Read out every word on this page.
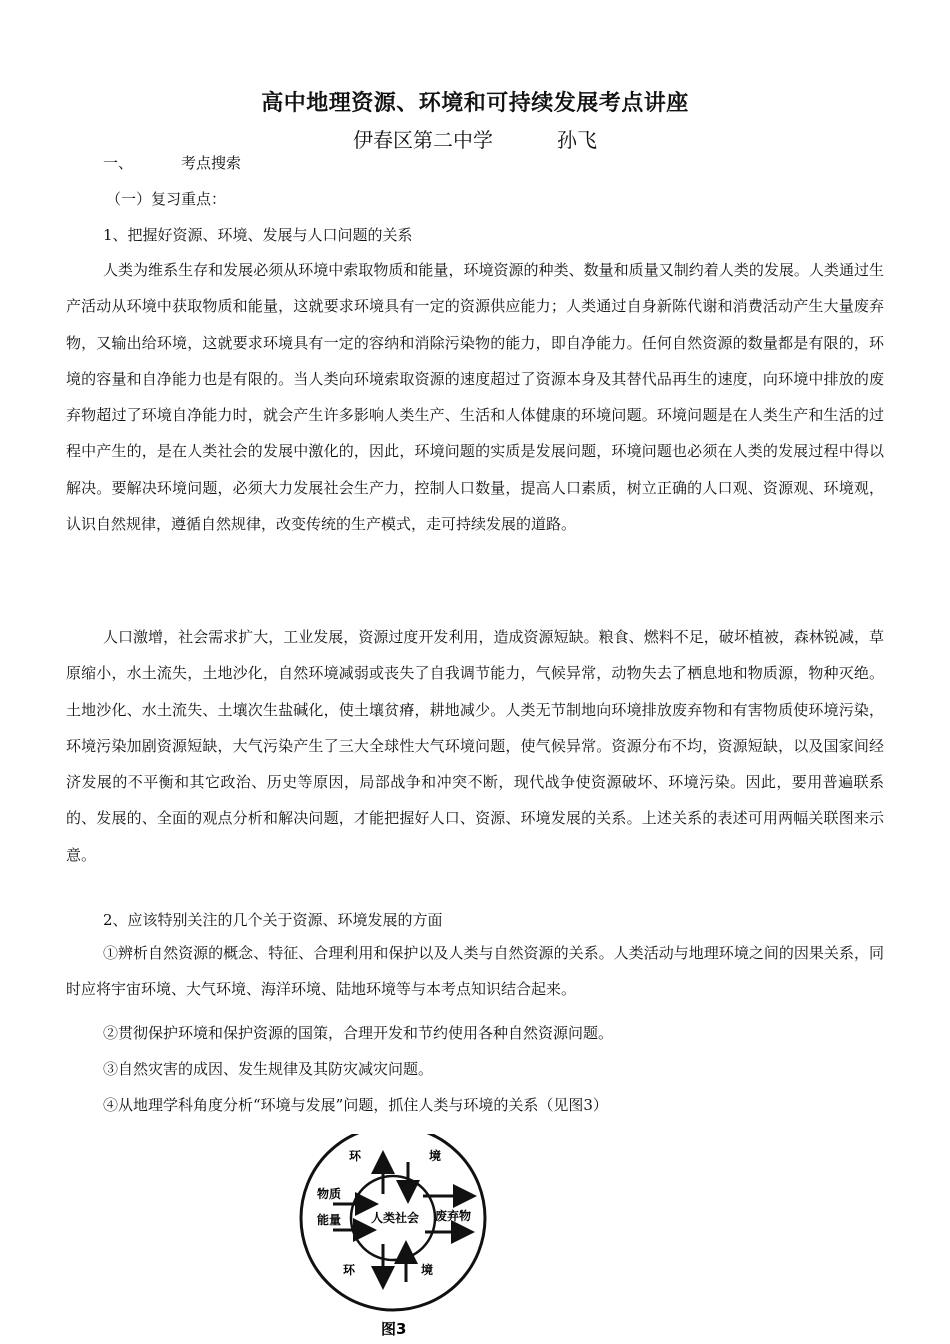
高中地理资源、环境和可持续发展考点讲座
伊春区第二中学	孙飞
一、	考点搜索
（一）复习重点：
1、把握好资源、环境、发展与人口问题的关系
人类为维系生存和发展必须从环境中索取物质和能量，环境资源的种类、数量和质量又制约着人类的发展。人类通过生产活动从环境中获取物质和能量，这就要求环境具有一定的资源供应能力；人类通过自身新陈代谢和消费活动产生大量废弃物，又输出给环境，这就要求环境具有一定的容纳和消除污染物的能力，即自净能力。任何自然资源的数量都是有限的，环境的容量和自净能力也是有限的。当人类向环境索取资源的速度超过了资源本身及其替代品再生的速度，向环境中排放的废弃物超过了环境自净能力时，就会产生许多影响人类生产、生活和人体健康的环境问题。环境问题是在人类生产和生活的过程中产生的，是在人类社会的发展中激化的，因此，环境问题的实质是发展问题，环境问题也必须在人类的发展过程中得以解决。要解决环境问题，必须大力发展社会生产力，控制人口数量，提高人口素质，树立正确的人口观、资源观、环境观，认识自然规律，遵循自然规律，改变传统的生产模式，走可持续发展的道路。
人口激增，社会需求扩大，工业发展，资源过度开发利用，造成资源短缺。粮食、燃料不足，破坏植被，森林锐减，草原缩小，水土流失，土地沙化，自然环境减弱或丧失了自我调节能力，气候异常，动物失去了栖息地和物质源，物种灭绝。土地沙化、水土流失、土壤次生盐碱化，使土壤贫瘠，耕地减少。人类无节制地向环境排放废弃物和有害物质使环境污染，环境污染加剧资源短缺，大气污染产生了三大全球性大气环境问题，使气候异常。资源分布不均，资源短缺，以及国家间经济发展的不平衡和其它政治、历史等原因，局部战争和冲突不断，现代战争使资源破坏、环境污染。因此，要用普遍联系的、发展的、全面的观点分析和解决问题，才能把握好人口、资源、环境发展的关系。上述关系的表述可用两幅关联图来示意。
2、应该特别关注的几个关于资源、环境发展的方面
①辨析自然资源的概念、特征、合理利用和保护以及人类与自然资源的关系。人类活动与地理环境之间的因果关系，同时应将宇宙环境、大气环境、海洋环境、陆地环境等与本考点知识结合起来。
②贯彻保护环境和保护资源的国策，合理开发和节约使用各种自然资源问题。
③自然灾害的成因、发生规律及其防灾减灾问题。
④从地理学科角度分析“环境与发展”问题，抓住人类与环境的关系（见图3）
环	境
物质
能量 人类社会 废弃物
环	境
图3
